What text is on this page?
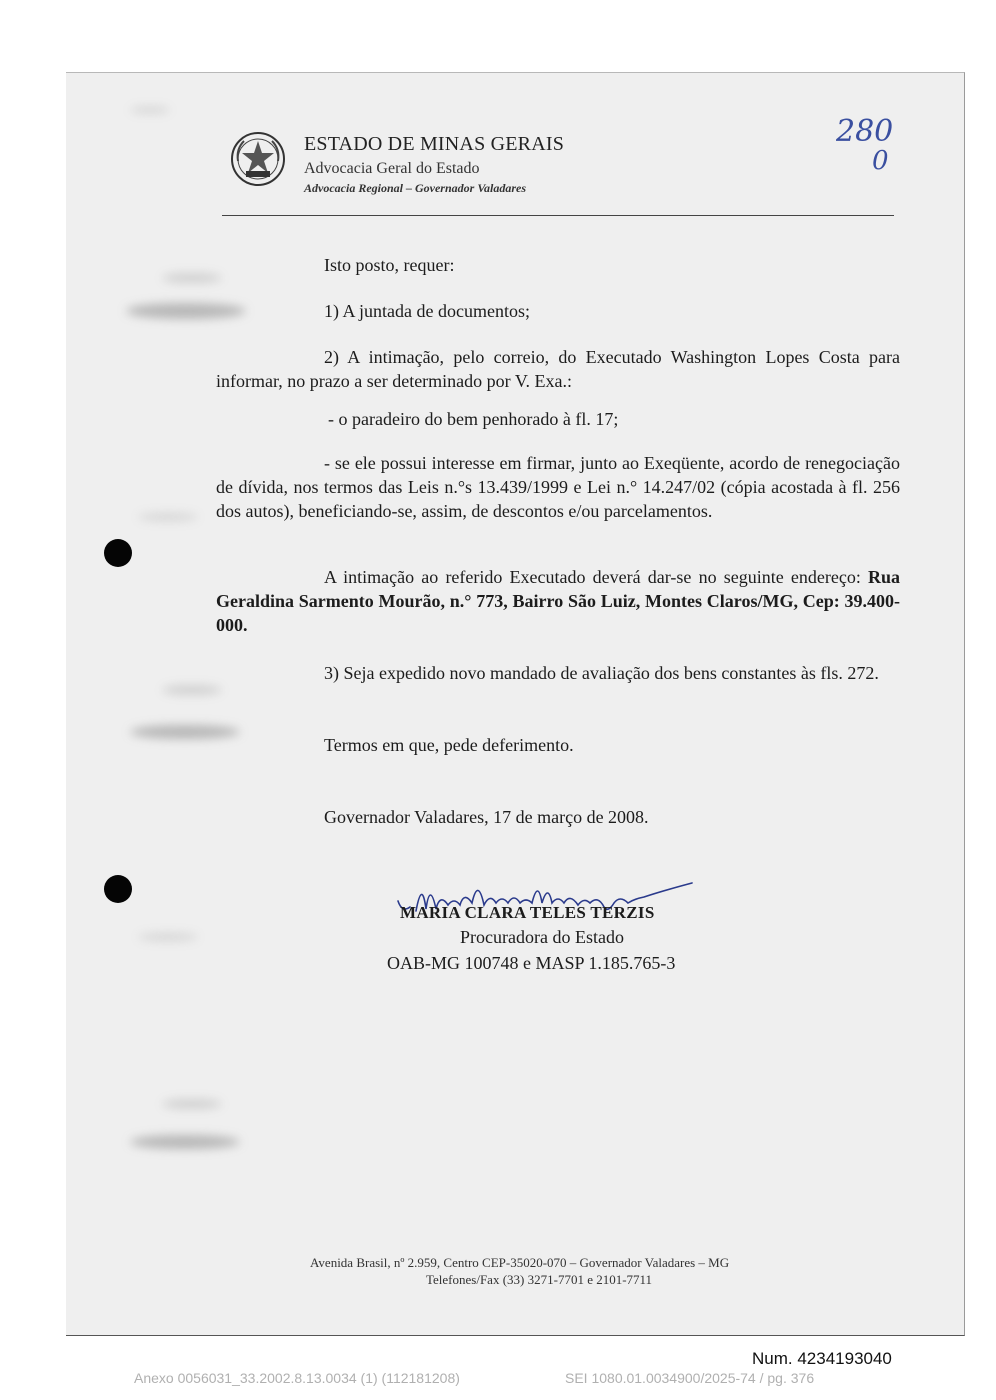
ESTADO DE MINAS GERAIS
Advocacia Geral do Estado
Advocacia Regional – Governador Valadares
280
0
Isto posto, requer:
1) A juntada de documentos;
2) A intimação, pelo correio, do Executado Washington Lopes Costa para informar, no prazo a ser determinado por V. Exa.:
- o paradeiro do bem penhorado à fl. 17;
- se ele possui interesse em firmar, junto ao Exeqüente, acordo de renegociação de dívida, nos termos das Leis n.°s 13.439/1999 e Lei n.° 14.247/02 (cópia acostada à fl. 256 dos autos), beneficiando-se, assim, de descontos e/ou parcelamentos.
A intimação ao referido Executado deverá dar-se no seguinte endereço: Rua Geraldina Sarmento Mourão, n.° 773, Bairro São Luiz, Montes Claros/MG, Cep: 39.400-000.
3) Seja expedido novo mandado de avaliação dos bens constantes às fls. 272.
Termos em que, pede deferimento.
Governador Valadares, 17 de março de 2008.
MARIA CLARA TELES TERZIS
Procuradora do Estado
OAB-MG 100748 e MASP 1.185.765-3
Avenida Brasil, nº 2.959, Centro CEP-35020-070 – Governador Valadares – MG
Telefones/Fax (33) 3271-7701 e 2101-7711
Num. 4234193040
Anexo 0056031_33.2002.8.13.0034 (1) (112181208)	SEI 1080.01.0034900/2025-74 / pg. 376
